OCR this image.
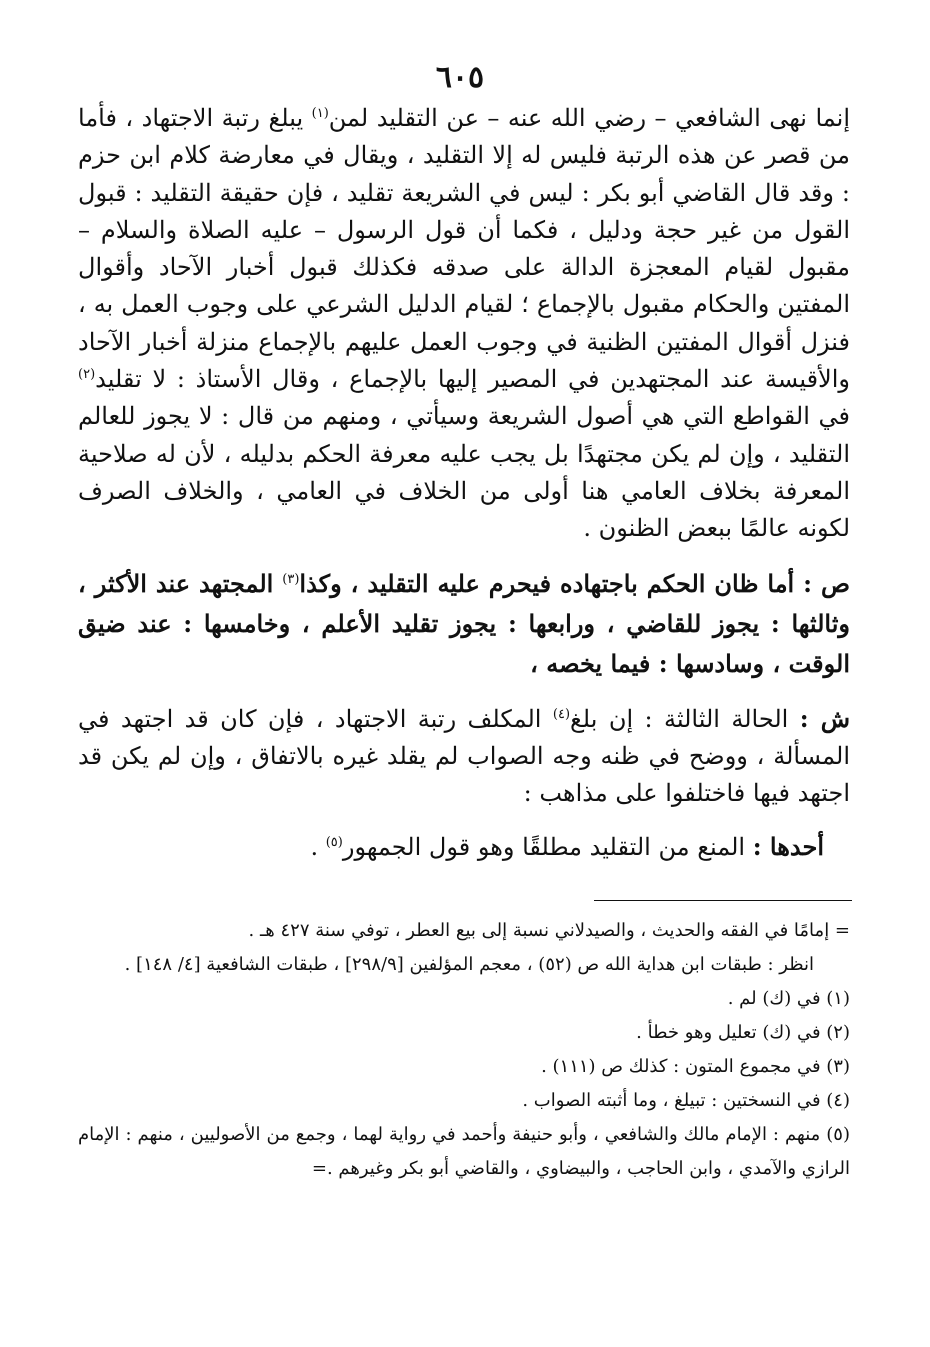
٦٠٥

إنما نهى الشافعي – رضي الله عنه – عن التقليد لمن$^{(١)}$ يبلغ رتبة الاجتهاد ، فأما من قصر عن هذه الرتبة فليس له إلا التقليد ، ويقال في معارضة كلام ابن حزم : وقد قال القاضي أبو بكر : ليس في الشريعة تقليد ، فإن حقيقة التقليد : قبول القول من غير حجة ودليل ، فكما أن قول الرسول – عليه الصلاة والسلام – مقبول لقيام المعجزة الدالة على صدقه فكذلك قبول أخبار الآحاد وأقوال المفتين والحكام مقبول بالإجماع ؛ لقيام الدليل الشرعي على وجوب العمل به ، فنزل أقوال المفتين الظنية في وجوب العمل عليهم بالإجماع منزلة أخبار الآحاد والأقيسة عند المجتهدين في المصير إليها بالإجماع ، وقال الأستاذ : لا تقليد$^{(٢)}$ في القواطع التي هي أصول الشريعة وسيأتي ، ومنهم من قال : لا يجوز للعالم التقليد ، وإن لم يكن مجتهدًا بل يجب عليه معرفة الحكم بدليله ، لأن له صلاحية المعرفة بخلاف العامي هنا أولى من الخلاف في العامي ، والخلاف الصرف لكونه عالمًا ببعض الظنون .

ص : أما ظان الحكم باجتهاده فيحرم عليه التقليد ، وكذا$^{(٣)}$ المجتهد عند الأكثر ، وثالثها : يجوز للقاضي ، ورابعها : يجوز تقليد الأعلم ، وخامسها : عند ضيق الوقت ، وسادسها : فيما يخصه ،

ش : الحالة الثالثة : إن بلغ$^{(٤)}$ المكلف رتبة الاجتهاد ، فإن كان قد اجتهد في المسألة ، ووضح في ظنه وجه الصواب لم يقلد غيره بالاتفاق ، وإن لم يكن قد اجتهد فيها فاختلفوا على مذاهب :

أحدها : المنع من التقليد مطلقًا وهو قول الجمهور$^{(٥)}$ .

= إمامًا في الفقه والحديث ، والصيدلاني نسبة إلى بيع العطر ، توفي سنة ٤٢٧ هـ .

انظر : طبقات ابن هداية الله ص (٥٢) ، معجم المؤلفين [٢٩٨/٩] ، طبقات الشافعية [٤/ ١٤٨] .

(١) في (ك) لم .

(٢) في (ك) تعليل وهو خطأ .

(٣) في مجموع المتون : كذلك ص (١١١) .

(٤) في النسختين : تبيلغ ، وما أثبته الصواب .

(٥) منهم : الإمام مالك والشافعي ، وأبو حنيفة وأحمد في رواية لهما ، وجمع من الأصوليين ، منهم : الإمام الرازي والآمدي ، وابن الحاجب ، والبيضاوي ، والقاضي أبو بكر وغيرهم .=
